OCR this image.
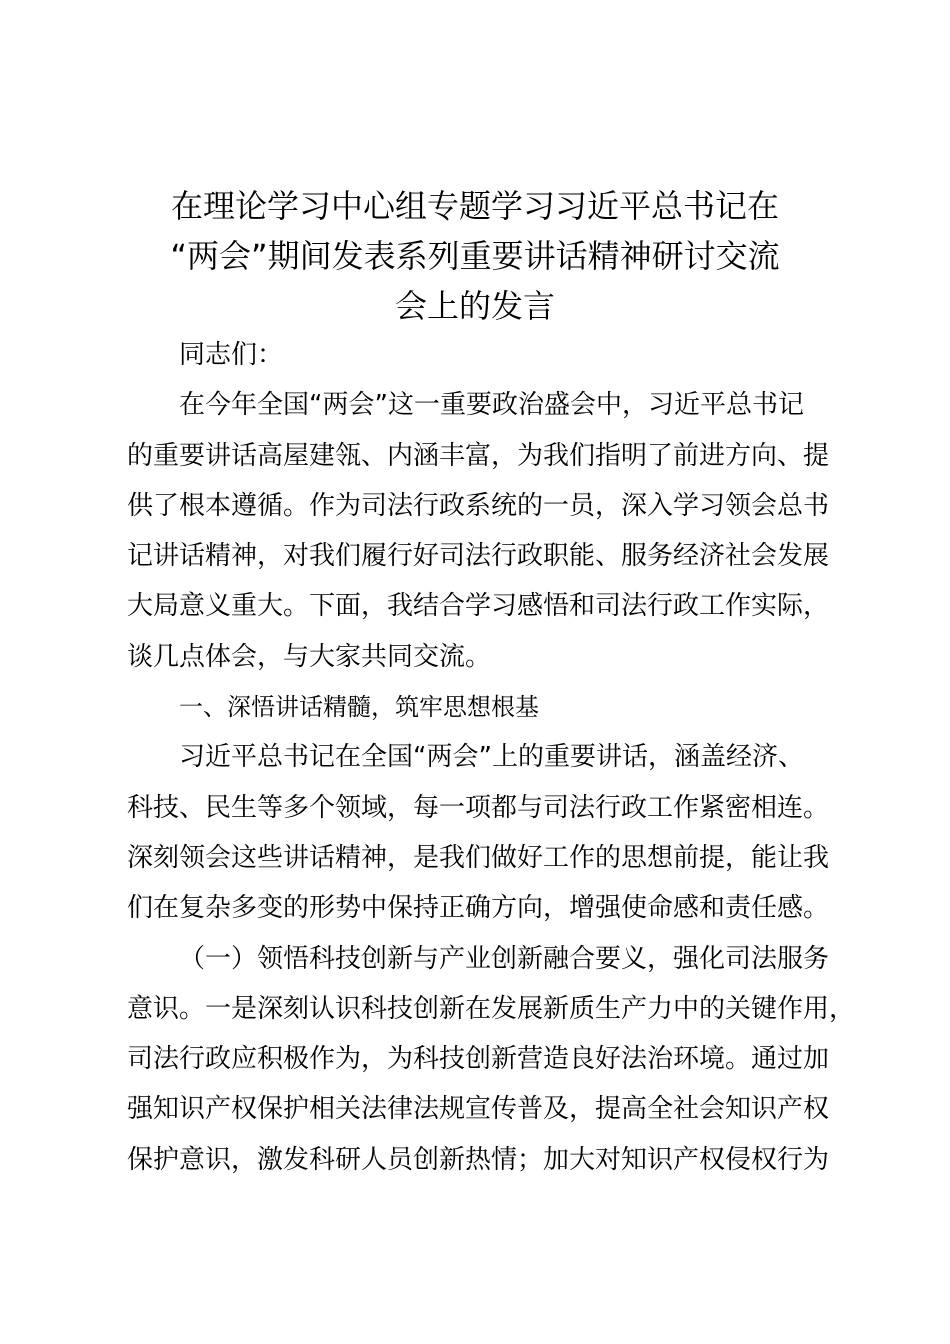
在理论学习中心组专题学习习近平总书记在
“两会”期间发表系列重要讲话精神研讨交流
会上的发言
同志们：
在今年全国“两会”这一重要政治盛会中，习近平总书记
的重要讲话高屋建瓴、内涵丰富，为我们指明了前进方向、提
供了根本遵循。作为司法行政系统的一员，深入学习领会总书
记讲话精神，对我们履行好司法行政职能、服务经济社会发展
大局意义重大。下面，我结合学习感悟和司法行政工作实际，
谈几点体会，与大家共同交流。
一、深悟讲话精髓，筑牢思想根基
习近平总书记在全国“两会”上的重要讲话，涵盖经济、
科技、民生等多个领域，每一项都与司法行政工作紧密相连。
深刻领会这些讲话精神，是我们做好工作的思想前提，能让我
们在复杂多变的形势中保持正确方向，增强使命感和责任感。
（一）领悟科技创新与产业创新融合要义，强化司法服务
意识。一是深刻认识科技创新在发展新质生产力中的关键作用，
司法行政应积极作为，为科技创新营造良好法治环境。通过加
强知识产权保护相关法律法规宣传普及，提高全社会知识产权
保护意识，激发科研人员创新热情；加大对知识产权侵权行为
